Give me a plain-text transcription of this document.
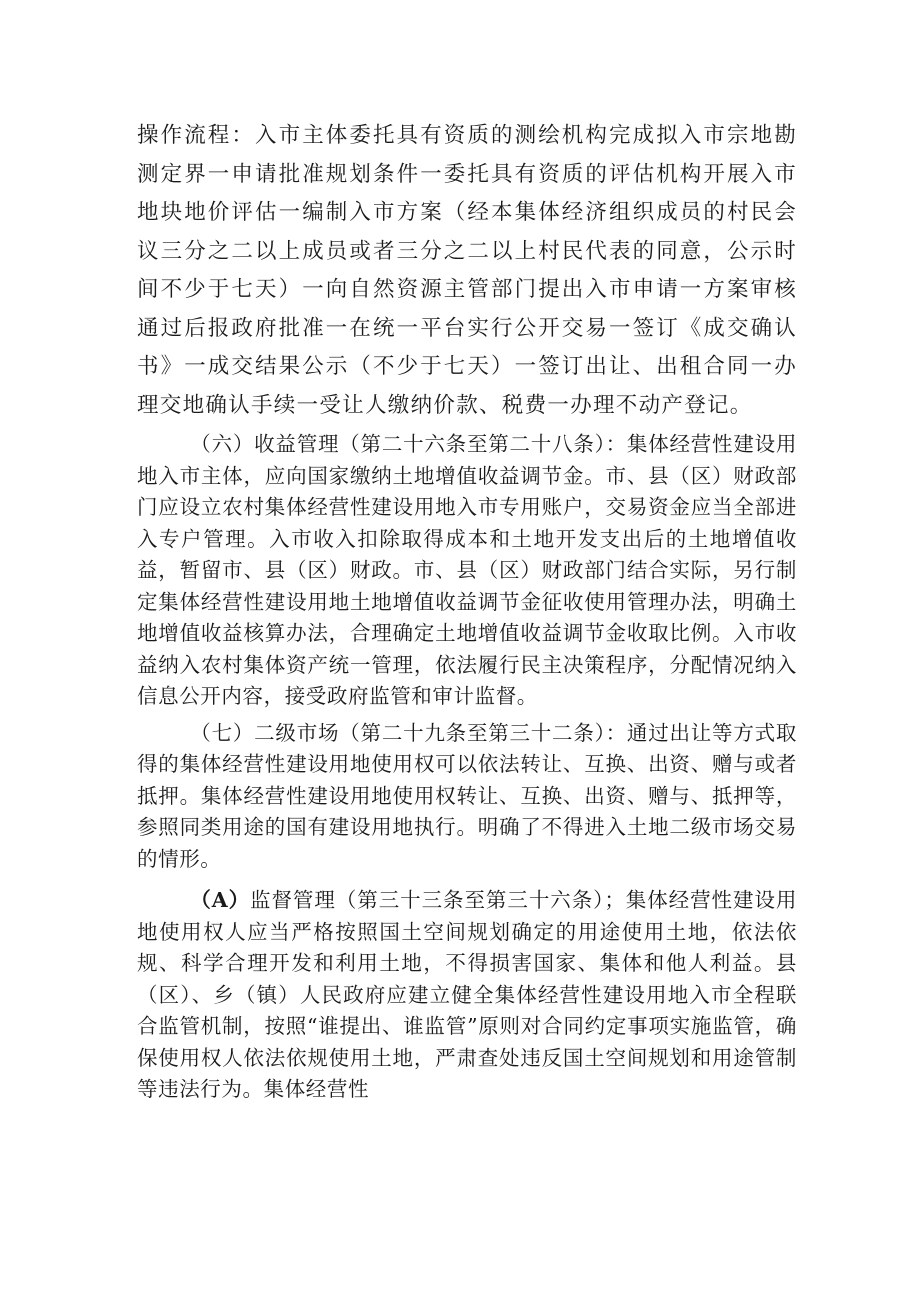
操作流程：入市主体委托具有资质的测绘机构完成拟入市宗地勘测定界一申请批准规划条件一委托具有资质的评估机构开展入市地块地价评估一编制入市方案（经本集体经济组织成员的村民会议三分之二以上成员或者三分之二以上村民代表的同意，公示时间不少于七天）一向自然资源主管部门提出入市申请一方案审核通过后报政府批准一在统一平台实行公开交易一签订《成交确认书》一成交结果公示（不少于七天）一签订出让、出租合同一办理交地确认手续一受让人缴纳价款、税费一办理不动产登记。

（六）收益管理（第二十六条至第二十八条）：集体经营性建设用地入市主体，应向国家缴纳土地增值收益调节金。市、县（区）财政部门应设立农村集体经营性建设用地入市专用账户，交易资金应当全部进入专户管理。入市收入扣除取得成本和土地开发支出后的土地增值收益，暂留市、县（区）财政。市、县（区）财政部门结合实际，另行制定集体经营性建设用地土地增值收益调节金征收使用管理办法，明确土地增值收益核算办法，合理确定土地增值收益调节金收取比例。入市收益纳入农村集体资产统一管理，依法履行民主决策程序，分配情况纳入信息公开内容，接受政府监管和审计监督。

（七）二级市场（第二十九条至第三十二条）：通过出让等方式取得的集体经营性建设用地使用权可以依法转让、互换、出资、赠与或者抵押。集体经营性建设用地使用权转让、互换、出资、赠与、抵押等，参照同类用途的国有建设用地执行。明确了不得进入土地二级市场交易的情形。

（A）监督管理（第三十三条至第三十六条）；集体经营性建设用地使用权人应当严格按照国土空间规划确定的用途使用土地，依法依规、科学合理开发和利用土地，不得损害国家、集体和他人利益。县（区）、乡（镇）人民政府应建立健全集体经营性建设用地入市全程联合监管机制，按照“谁提出、谁监管”原则对合同约定事项实施监管，确保使用权人依法依规使用土地，严肃查处违反国土空间规划和用途管制等违法行为。集体经营性
